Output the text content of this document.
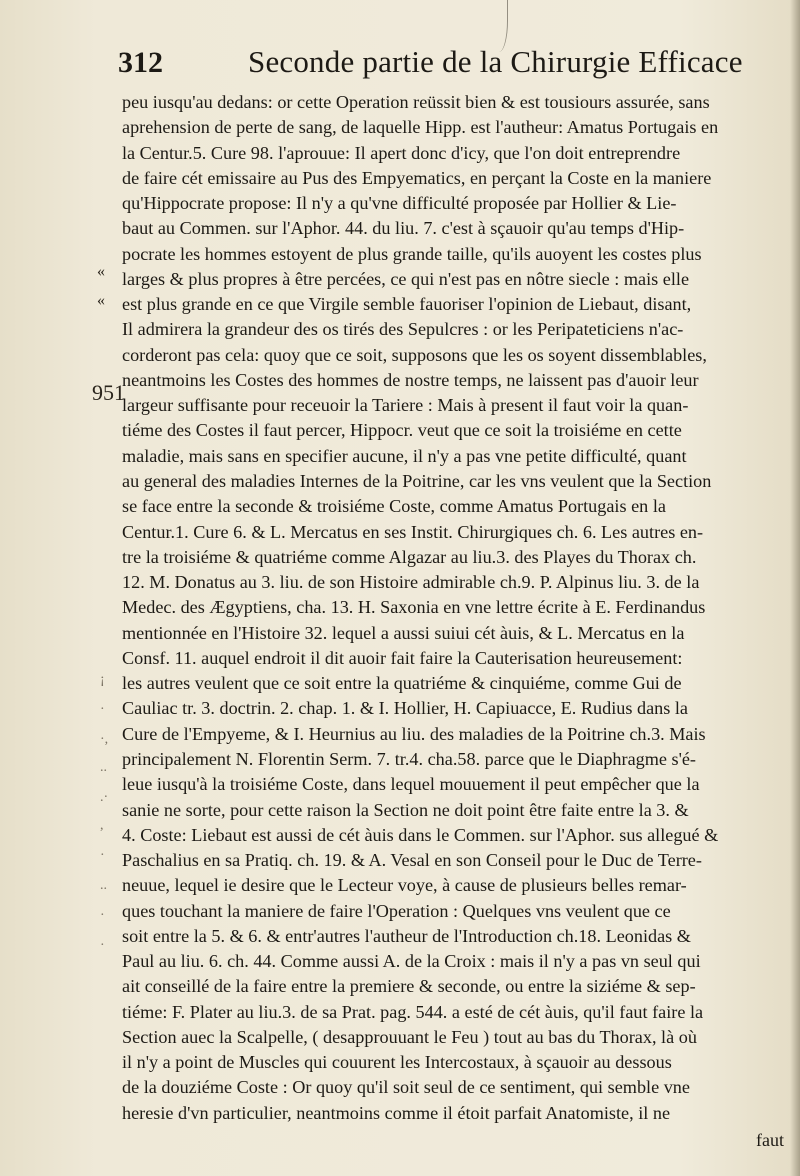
312	Seconde partie de la Chirurgie Efficace
«
«
951
¡
·
·,
..
.·
,
·
..
·
·
peu iusqu'au dedans: or cette Operation reüssit bien & est tousiours assurée, sans
aprehension de perte de sang, de laquelle Hipp. est l'autheur: Amatus Portugais en
la Centur.5. Cure 98. l'aprouue: Il apert donc d'icy, que l'on doit entreprendre
de faire cét emissaire au Pus des Empyematics, en perçant la Coste en la maniere
qu'Hippocrate propose: Il n'y a qu'vne difficulté proposée par Hollier & Lie-
baut au Commen. sur l'Aphor. 44. du liu. 7. c'est à sçauoir qu'au temps d'Hip-
pocrate les hommes estoyent de plus grande taille, qu'ils auoyent les costes plus
larges & plus propres à être percées, ce qui n'est pas en nôtre siecle : mais elle
est plus grande en ce que Virgile semble fauoriser l'opinion de Liebaut, disant,
Il admirera la grandeur des os tirés des Sepulcres : or les Peripateticiens n'ac-
corderont pas cela: quoy que ce soit, supposons que les os soyent dissemblables,
neantmoins les Costes des hommes de nostre temps, ne laissent pas d'auoir leur
largeur suffisante pour receuoir la Tariere : Mais à present il faut voir la quan-
tiéme des Costes il faut percer, Hippocr. veut que ce soit la troisiéme en cette
maladie, mais sans en specifier aucune, il n'y a pas vne petite difficulté, quant
au general des maladies Internes de la Poitrine, car les vns veulent que la Section
se face entre la seconde & troisiéme Coste, comme Amatus Portugais en la
Centur.1. Cure 6. & L. Mercatus en ses Instit. Chirurgiques ch. 6. Les autres en-
tre la troisiéme & quatriéme comme Algazar au liu.3. des Playes du Thorax ch.
12. M. Donatus au 3. liu. de son Histoire admirable ch.9. P. Alpinus liu. 3. de la
Medec. des Ægyptiens, cha. 13. H. Saxonia en vne lettre écrite à E. Ferdinandus
mentionnée en l'Histoire 32. lequel a aussi suiui cét àuis, & L. Mercatus en la
Consf. 11. auquel endroit il dit auoir fait faire la Cauterisation heureusement:
les autres veulent que ce soit entre la quatriéme & cinquiéme, comme Gui de
Cauliac tr. 3. doctrin. 2. chap. 1. & I. Hollier, H. Capiuacce, E. Rudius dans la
Cure de l'Empyeme, & I. Heurnius au liu. des maladies de la Poitrine ch.3. Mais
principalement N. Florentin Serm. 7. tr.4. cha.58. parce que le Diaphragme s'é-
leue iusqu'à la troisiéme Coste, dans lequel mouuement il peut empêcher que la
sanie ne sorte, pour cette raison la Section ne doit point être faite entre la 3. &
4. Coste: Liebaut est aussi de cét àuis dans le Commen. sur l'Aphor. sus allegué &
Paschalius en sa Pratiq. ch. 19. & A. Vesal en son Conseil pour le Duc de Terre-
neuue, lequel ie desire que le Lecteur voye, à cause de plusieurs belles remar-
ques touchant la maniere de faire l'Operation : Quelques vns veulent que ce
soit entre la 5. & 6. & entr'autres l'autheur de l'Introduction ch.18. Leonidas &
Paul au liu. 6. ch. 44. Comme aussi A. de la Croix : mais il n'y a pas vn seul qui
ait conseillé de la faire entre la premiere & seconde, ou entre la siziéme & sep-
tiéme: F. Plater au liu.3. de sa Prat. pag. 544. a esté de cét àuis, qu'il faut faire la
Section auec la Scalpelle, ( desapprouuant le Feu ) tout au bas du Thorax, là où
il n'y a point de Muscles qui couurent les Intercostaux, à sçauoir au dessous
de la douziéme Coste : Or quoy qu'il soit seul de ce sentiment, qui semble vne
heresie d'vn particulier, neantmoins comme il étoit parfait Anatomiste, il ne
faut
